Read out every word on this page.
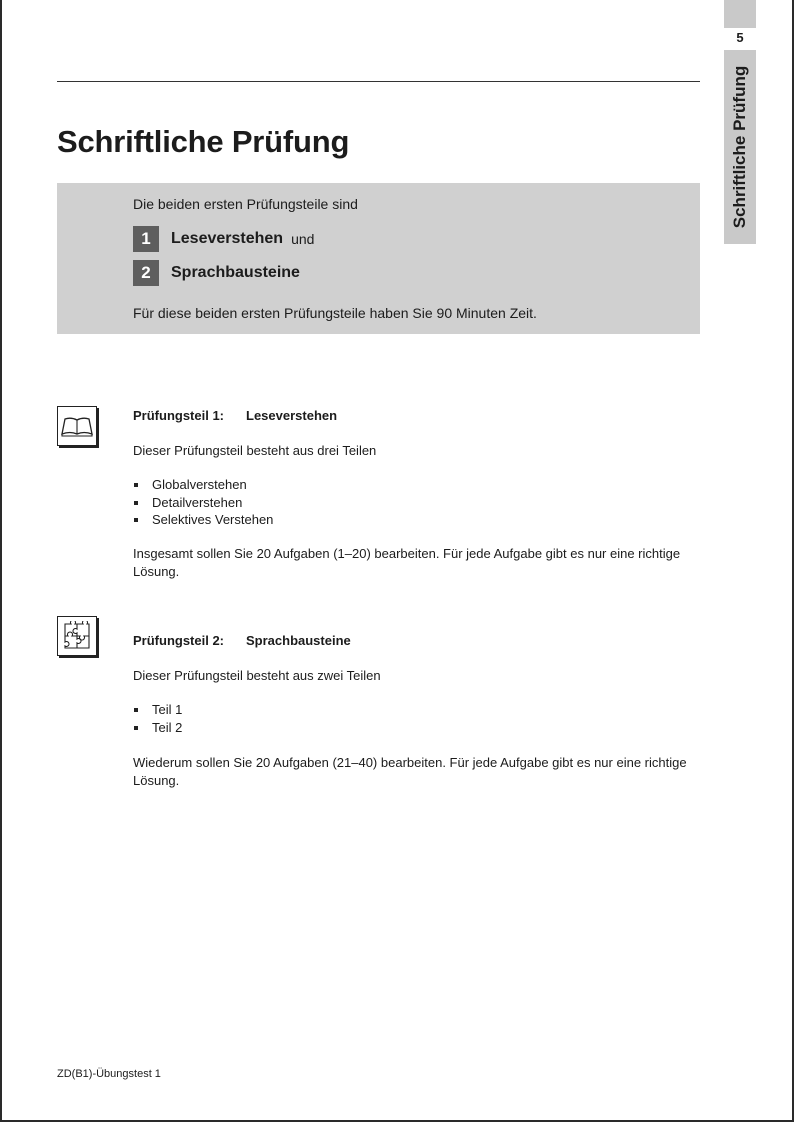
5
Schriftliche Prüfung
Schriftliche Prüfung
Die beiden ersten Prüfungsteile sind
1	Leseverstehen und
2	Sprachbausteine
Für diese beiden ersten Prüfungsteile haben Sie 90 Minuten Zeit.
Prüfungsteil 1: Leseverstehen
Dieser Prüfungsteil besteht aus drei Teilen
Globalverstehen
Detailverstehen
Selektives Verstehen
Insgesamt sollen Sie 20 Aufgaben (1–20) bearbeiten. Für jede Aufgabe gibt es nur eine richtige Lösung.
Prüfungsteil 2: Sprachbausteine
Dieser Prüfungsteil besteht aus zwei Teilen
Teil 1
Teil 2
Wiederum sollen Sie 20 Aufgaben (21–40) bearbeiten. Für jede Aufgabe gibt es nur eine richtige Lösung.
ZD(B1)-Übungstest 1
